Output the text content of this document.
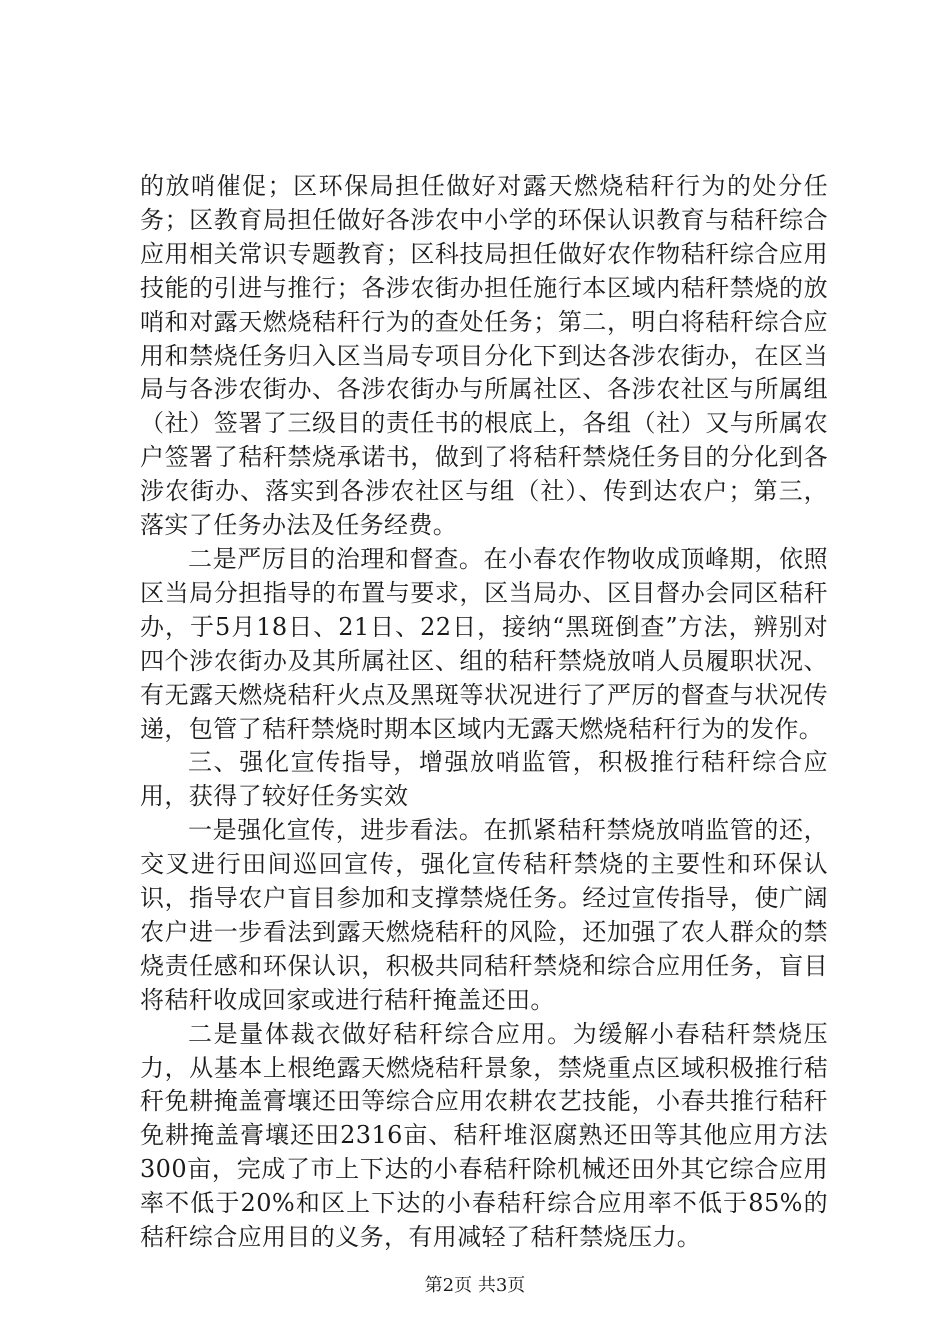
的放哨催促；区环保局担任做好对露天燃烧秸秆行为的处分任务；区教育局担任做好各涉农中小学的环保认识教育与秸秆综合应用相关常识专题教育；区科技局担任做好农作物秸秆综合应用技能的引进与推行；各涉农街办担任施行本区域内秸秆禁烧的放哨和对露天燃烧秸秆行为的查处任务；第二，明白将秸秆综合应用和禁烧任务归入区当局专项目分化下到达各涉农街办，在区当局与各涉农街办、各涉农街办与所属社区、各涉农社区与所属组（社）签署了三级目的责任书的根底上，各组（社）又与所属农户签署了秸秆禁烧承诺书，做到了将秸秆禁烧任务目的分化到各涉农街办、落实到各涉农社区与组（社）、传到达农户；第三，落实了任务办法及任务经费。

二是严厉目的治理和督查。在小春农作物收成顶峰期，依照区当局分担指导的布置与要求，区当局办、区目督办会同区秸秆办，于5月18日、21日、22日，接纳“黑斑倒查”方法，辨别对四个涉农街办及其所属社区、组的秸秆禁烧放哨人员履职状况、有无露天燃烧秸秆火点及黑斑等状况进行了严厉的督查与状况传递，包管了秸秆禁烧时期本区域内无露天燃烧秸秆行为的发作。

三、强化宣传指导，增强放哨监管，积极推行秸秆综合应用，获得了较好任务实效

一是强化宣传，进步看法。在抓紧秸秆禁烧放哨监管的还，交叉进行田间巡回宣传，强化宣传秸秆禁烧的主要性和环保认识，指导农户盲目参加和支撑禁烧任务。经过宣传指导，使广阔农户进一步看法到露天燃烧秸秆的风险，还加强了农人群众的禁烧责任感和环保认识，积极共同秸秆禁烧和综合应用任务，盲目将秸秆收成回家或进行秸秆掩盖还田。

二是量体裁衣做好秸秆综合应用。为缓解小春秸秆禁烧压力，从基本上根绝露天燃烧秸秆景象，禁烧重点区域积极推行秸秆免耕掩盖膏壤还田等综合应用农耕农艺技能，小春共推行秸秆免耕掩盖膏壤还田2316亩、秸秆堆沤腐熟还田等其他应用方法300亩，完成了市上下达的小春秸秆除机械还田外其它综合应用率不低于20%和区上下达的小春秸秆综合应用率不低于85%的秸秆综合应用目的义务，有用减轻了秸秆禁烧压力。

第2页 共3页
